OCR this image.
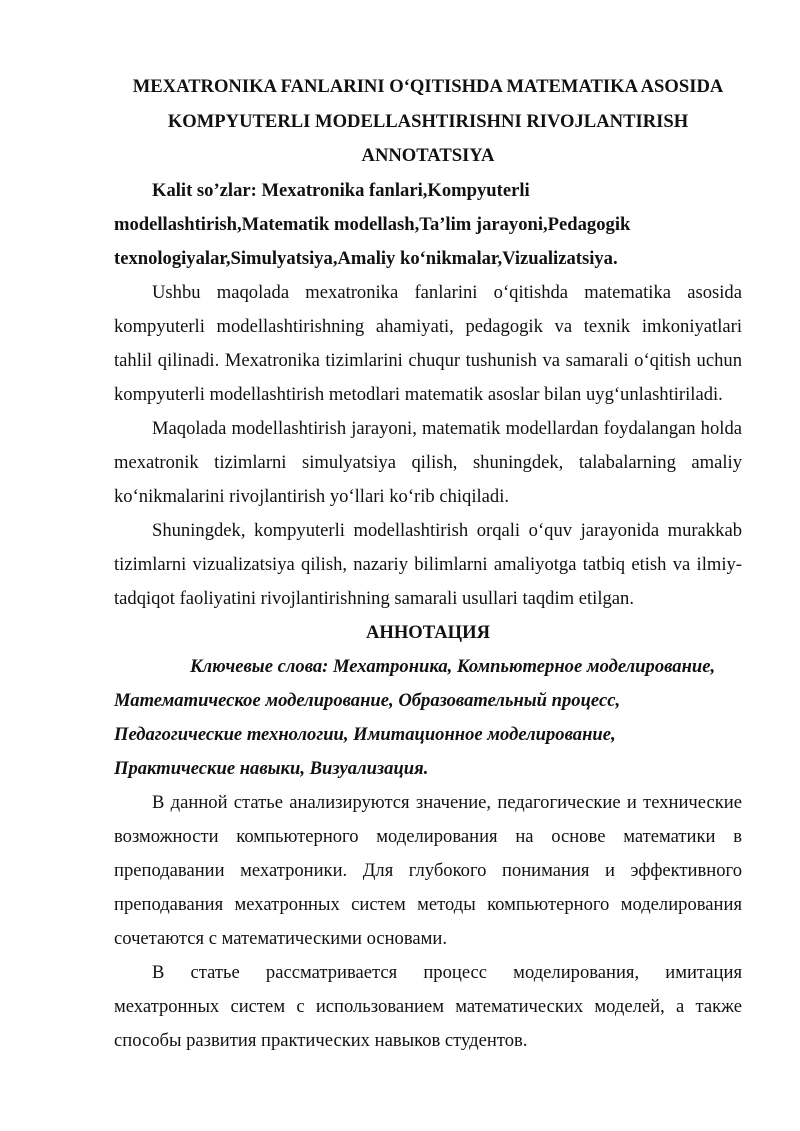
MEXATRONIKA FANLARINI O‘QITISHDA MATEMATIKA ASOSIDA
KOMPYUTERLI MODELLASHTIRISHNI RIVOJLANTIRISH
ANNOTATSIYA
Kalit so’zlar: Mexatronika fanlari,Kompyuterli
modellashtirish,Matematik modellash,Ta’lim jarayoni,Pedagogik
texnologiyalar,Simulyatsiya,Amaliy ko‘nikmalar,Vizualizatsiya.

Ushbu maqolada mexatronika fanlarini o‘qitishda matematika asosida kompyuterli modellashtirishning ahamiyati, pedagogik va texnik imkoniyatlari tahlil qilinadi. Mexatronika tizimlarini chuqur tushunish va samarali o‘qitish uchun kompyuterli modellashtirish metodlari matematik asoslar bilan uyg‘unlashtiriladi.

Maqolada modellashtirish jarayoni, matematik modellardan foydalangan holda mexatronik tizimlarni simulyatsiya qilish, shuningdek, talabalarning amaliy ko‘nikmalarini rivojlantirish yo‘llari ko‘rib chiqiladi.

Shuningdek, kompyuterli modellashtirish orqali o‘quv jarayonida murakkab tizimlarni vizualizatsiya qilish, nazariy bilimlarni amaliyotga tatbiq etish va ilmiy-tadqiqot faoliyatini rivojlantirishning samarali usullari taqdim etilgan.

АННОТАЦИЯ
Ключевые слова: Мехатроника, Компьютерное моделирование,
Математическое моделирование, Образовательный процесс,
Педагогические технологии, Имитационное моделирование,
Практические навыки, Визуализация.

В данной статье анализируются значение, педагогические и технические возможности компьютерного моделирования на основе математики в преподавании мехатроники. Для глубокого понимания и эффективного преподавания мехатронных систем методы компьютерного моделирования сочетаются с математическими основами.

В статье рассматривается процесс моделирования, имитация мехатронных систем с использованием математических моделей, а также способы развития практических навыков студентов.
